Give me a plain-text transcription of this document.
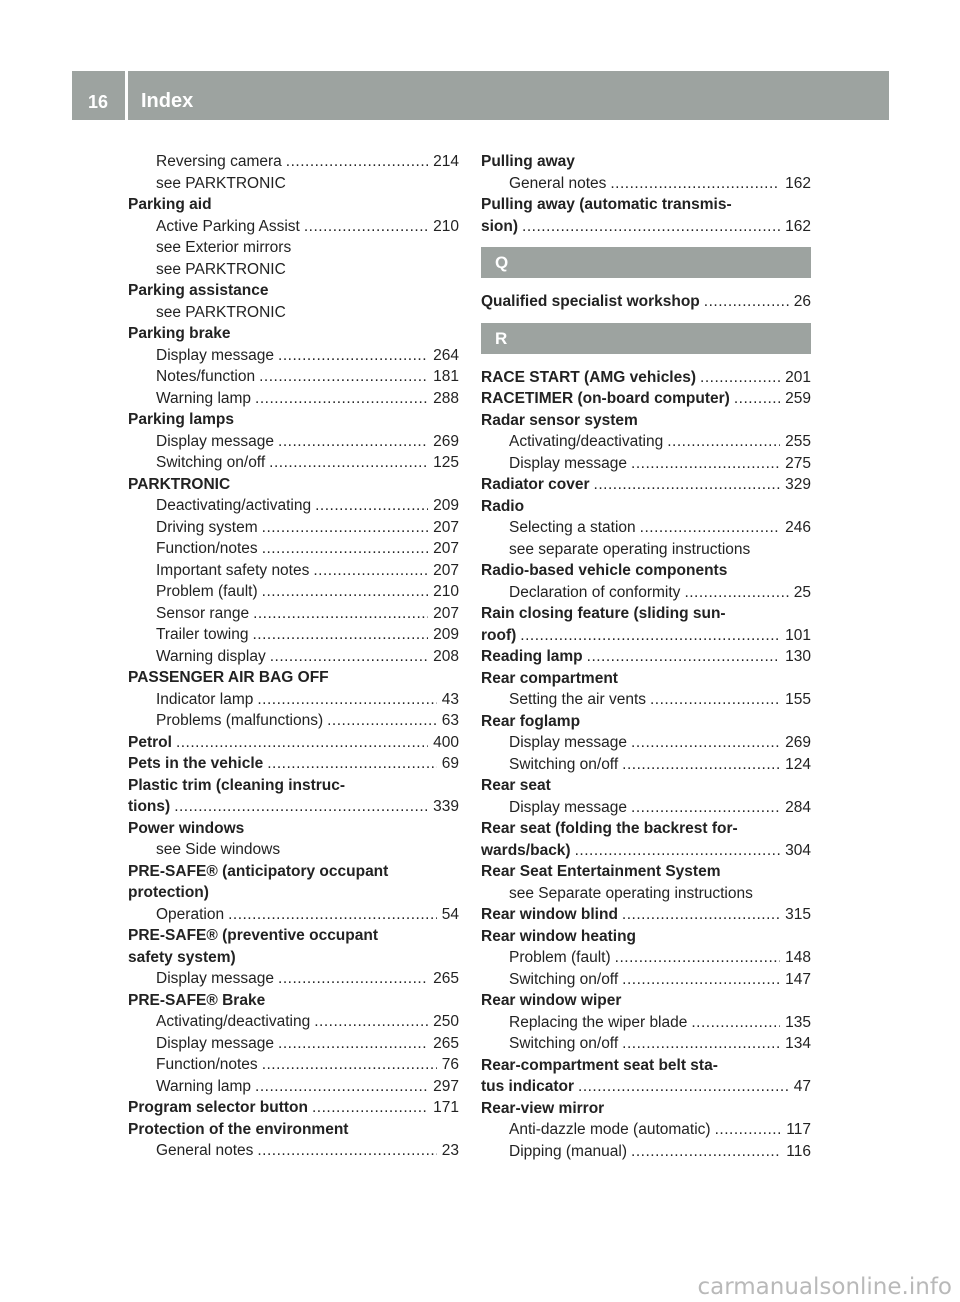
16	Index
Reversing camera .....	214
see PARKTRONIC
Parking aid
Active Parking Assist .....	210
see Exterior mirrors
see PARKTRONIC
Parking assistance
see PARKTRONIC
Parking brake
Display message .....	264
Notes/function .....	181
Warning lamp .....	288
Parking lamps
Display message .....	269
Switching on/off .....	125
PARKTRONIC
Deactivating/activating .....	209
Driving system .....	207
Function/notes .....	207
Important safety notes .....	207
Problem (fault) .....	210
Sensor range .....	207
Trailer towing .....	209
Warning display .....	208
PASSENGER AIR BAG OFF
Indicator lamp .....	43
Problems (malfunctions) .....	63
Petrol .....	400
Pets in the vehicle .....	69
Plastic trim (cleaning instruc-
tions) .....	339
Power windows
see Side windows
PRE-SAFE® (anticipatory occupant
protection)
Operation .....	54
PRE-SAFE® (preventive occupant
safety system)
Display message .....	265
PRE-SAFE® Brake
Activating/deactivating .....	250
Display message .....	265
Function/notes .....	76
Warning lamp .....	297
Program selector button .....	171
Protection of the environment
General notes .....	23
Pulling away
General notes .....	162
Pulling away (automatic transmis-
sion) .....	162
Q
Qualified specialist workshop .....	26
R
RACE START (AMG vehicles) .....	201
RACETIMER (on-board computer) .....	259
Radar sensor system
Activating/deactivating .....	255
Display message .....	275
Radiator cover .....	329
Radio
Selecting a station .....	246
see separate operating instructions
Radio-based vehicle components
Declaration of conformity .....	25
Rain closing feature (sliding sun-
roof) .....	101
Reading lamp .....	130
Rear compartment
Setting the air vents .....	155
Rear foglamp
Display message .....	269
Switching on/off .....	124
Rear seat
Display message .....	284
Rear seat (folding the backrest for-
wards/back) .....	304
Rear Seat Entertainment System
see Separate operating instructions
Rear window blind .....	315
Rear window heating
Problem (fault) .....	148
Switching on/off .....	147
Rear window wiper
Replacing the wiper blade .....	135
Switching on/off .....	134
Rear-compartment seat belt sta-
tus indicator .....	47
Rear-view mirror
Anti-dazzle mode (automatic) .....	117
Dipping (manual) .....	116
carmanualsonline.info
